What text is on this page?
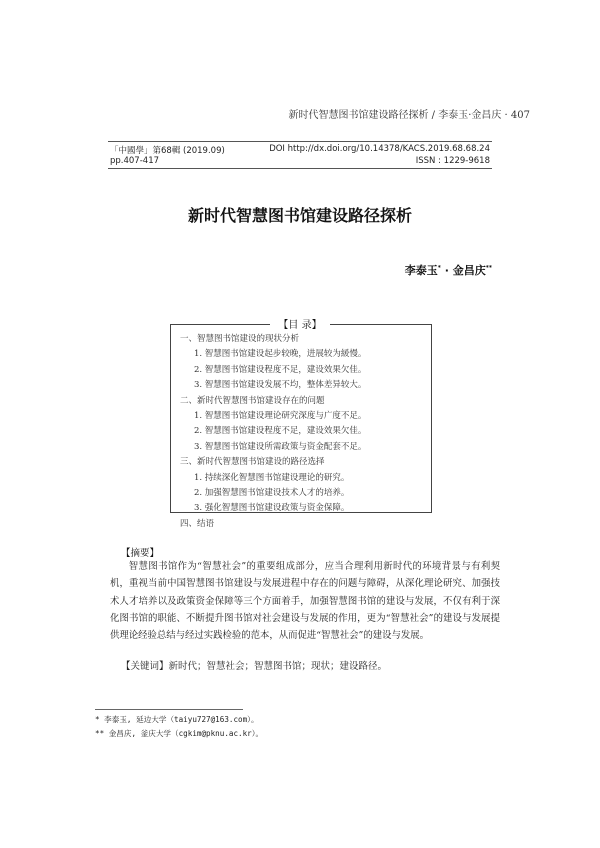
新时代智慧图书馆建设路径探析 / 李泰玉·金昌庆 · 407
「中國學」第68輯 (2019.09)
pp.407-417
DOI http://dx.doi.org/10.14378/KACS.2019.68.68.24
ISSN : 1229-9618
新时代智慧图书馆建设路径探析
李泰玉* · 金昌庆**
【目 录】
一、智慧图书馆建设的现状分析
1. 智慧图书馆建设起步较晚，进展较为緩慢。
2. 智慧图书馆建设程度不足，建设效果欠佳。
3. 智慧图书馆建设发展不均，整体差异较大。
二、新时代智慧图书馆建设存在的问题
1. 智慧图书馆建设理论研究深度与广度不足。
2. 智慧图书馆建设程度不足，建设效果欠佳。
3. 智慧图书馆建设所需政策与资金配套不足。
三、新时代智慧图书馆建设的路径选择
1. 持续深化智慧图书馆建设理论的研究。
2. 加强智慧图书馆建设技术人才的培养。
3. 强化智慧图书馆建设政策与资金保障。
四、结语
【摘要】

智慧图书馆作为“智慧社会”的重要组成部分，应当合理利用新时代的环境背景与有利契机，重视当前中国智慧图书馆建设与发展进程中存在的问题与障碍，从深化理论研究、加强技术人才培养以及政策资金保障等三个方面着手，加强智慧图书馆的建设与发展，不仅有利于深化图书馆的职能、不断提升图书馆对社会建设与发展的作用，更为“智慧社会”的建设与发展提供理论经验总结与经过实践检验的范本，从而促进“智慧社会”的建设与发展。

【关键词】新时代；智慧社会；智慧图书馆；现状；建设路径。
* 李泰玉, 延边大学（taiyu727@163.com）。
** 金昌庆, 釜庆大学（cgkim@pknu.ac.kr）。
